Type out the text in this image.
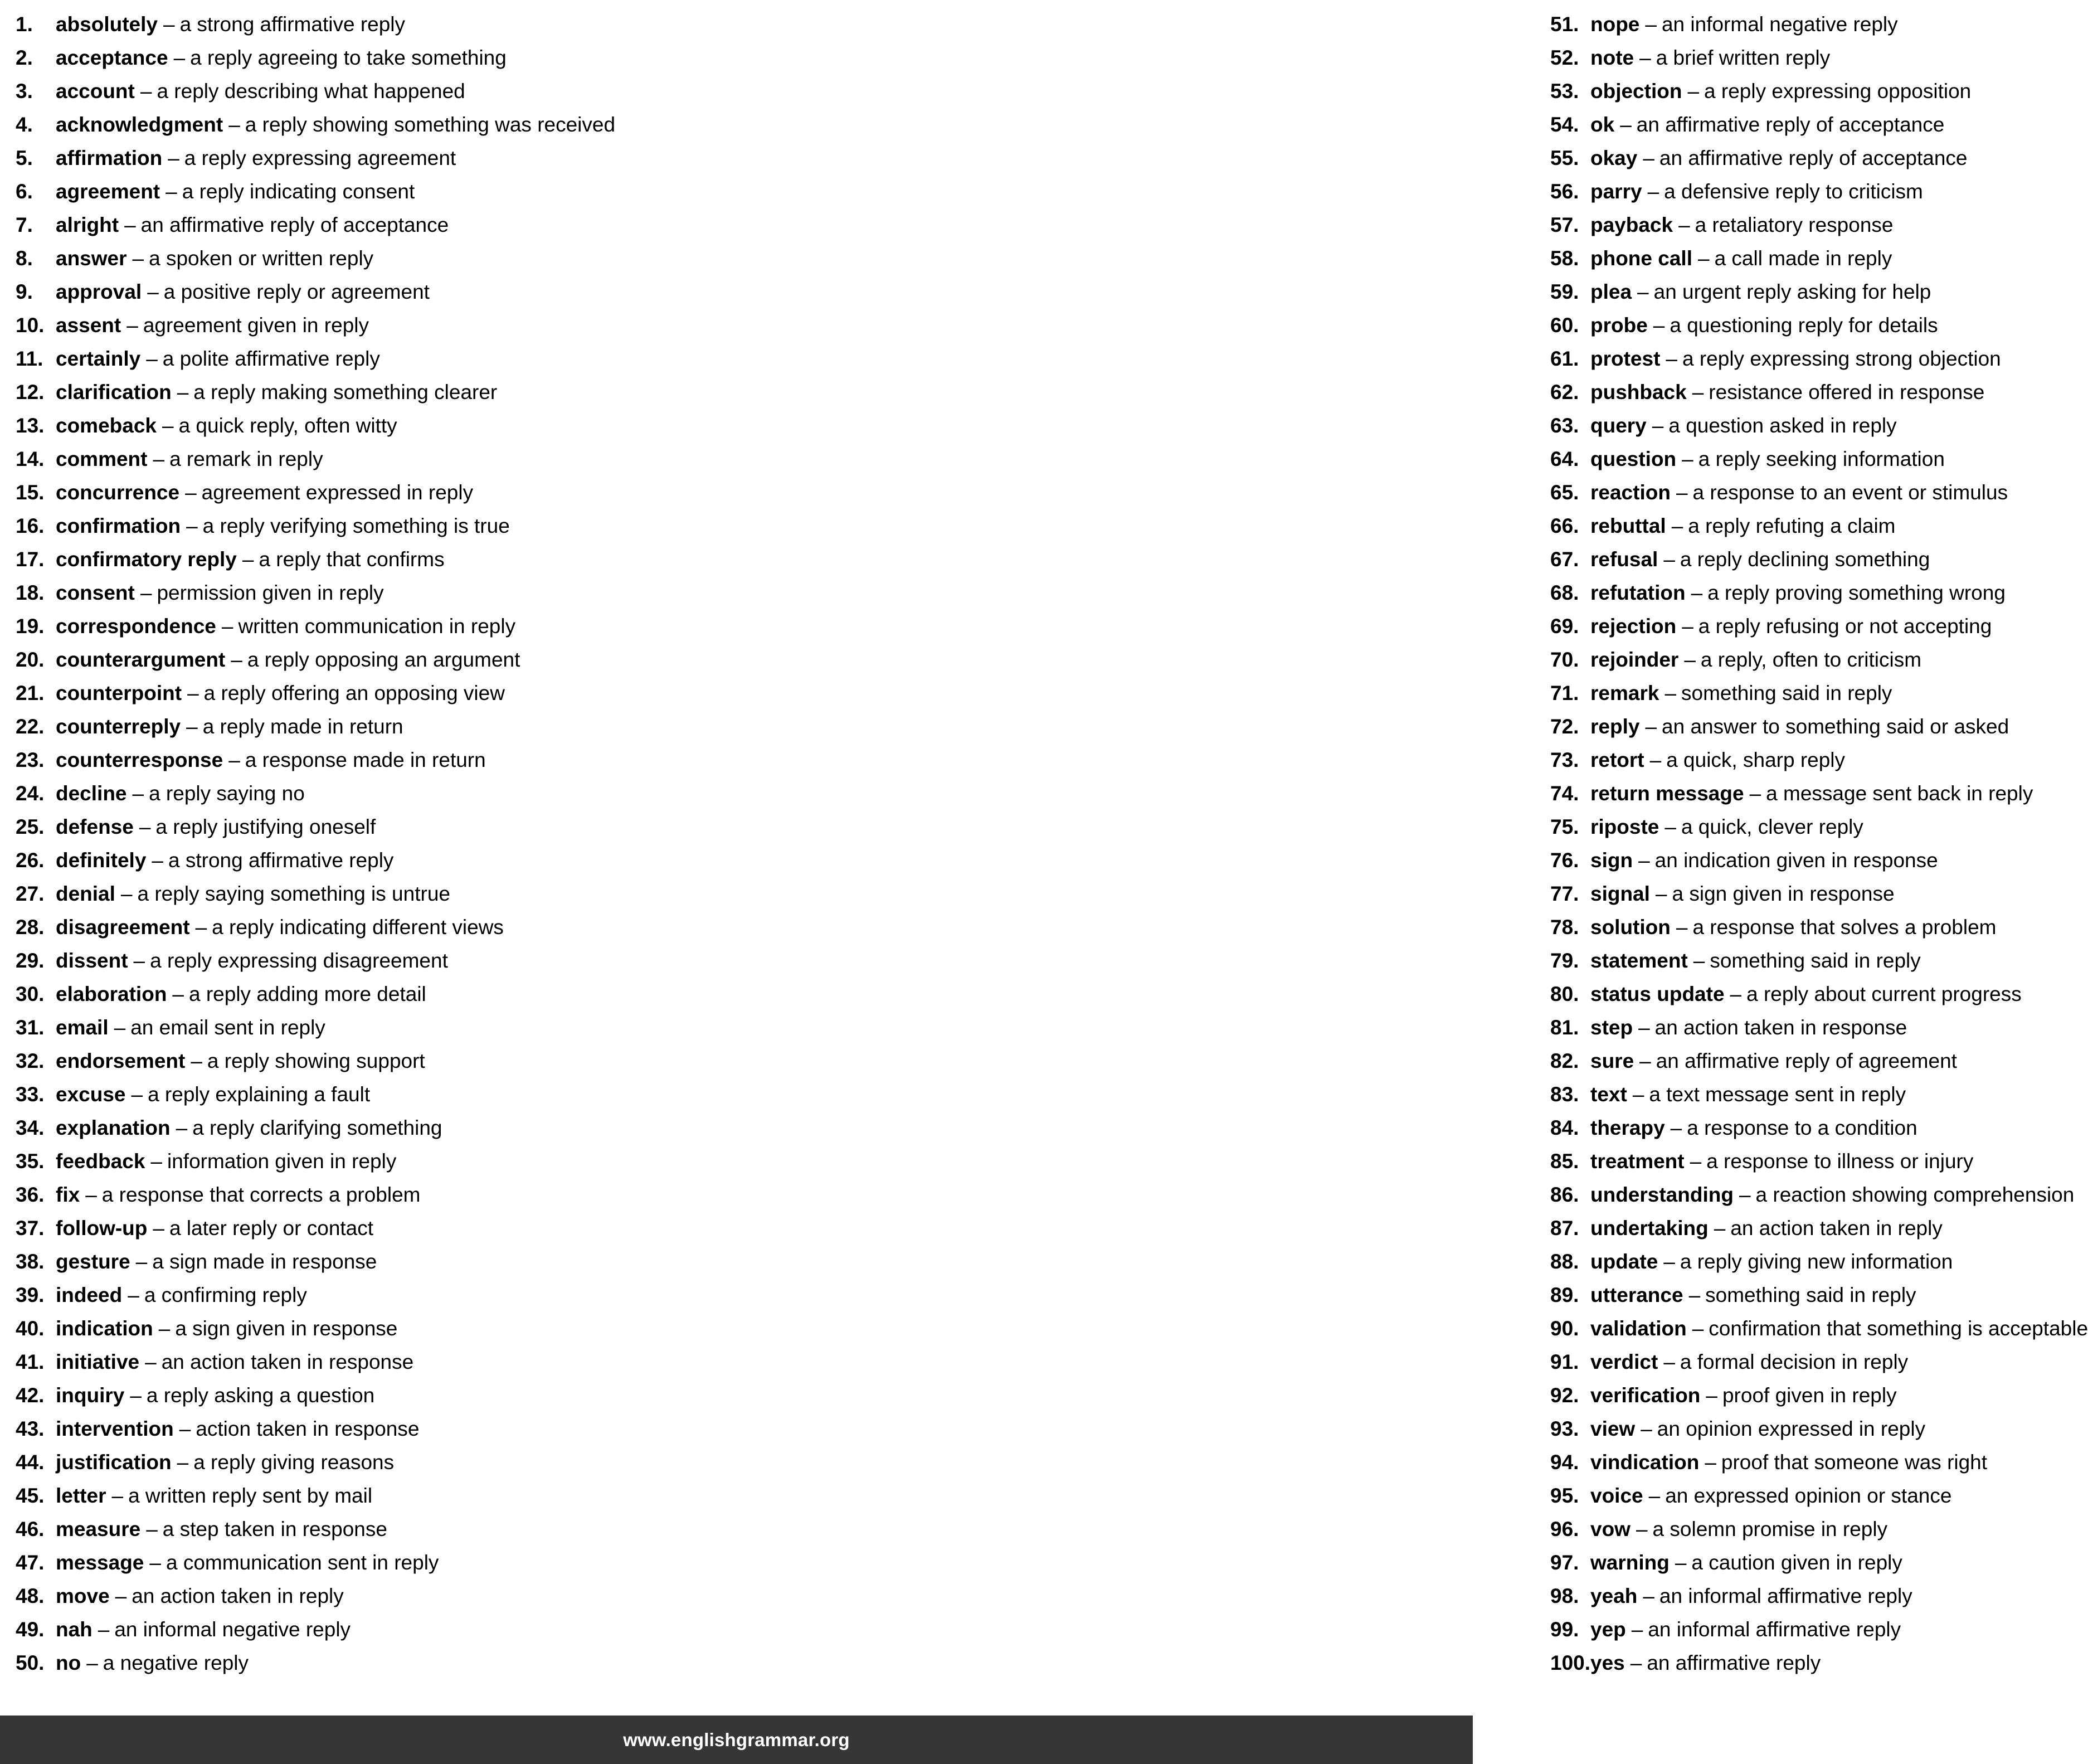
1.	absolutely – a strong affirmative reply
2.	acceptance – a reply agreeing to take something
3.	account – a reply describing what happened
4.	acknowledgment – a reply showing something was received
5.	affirmation – a reply expressing agreement
6.	agreement – a reply indicating consent
7.	alright – an affirmative reply of acceptance
8.	answer – a spoken or written reply
9.	approval – a positive reply or agreement
10. assent – agreement given in reply
11. certainly – a polite affirmative reply
12. clarification – a reply making something clearer
13. comeback – a quick reply, often witty
14. comment – a remark in reply
15. concurrence – agreement expressed in reply
16. confirmation – a reply verifying something is true
17. confirmatory reply – a reply that confirms
18. consent – permission given in reply
19. correspondence – written communication in reply
20. counterargument – a reply opposing an argument
21. counterpoint – a reply offering an opposing view
22. counterreply – a reply made in return
23. counterresponse – a response made in return
24. decline – a reply saying no
25. defense – a reply justifying oneself
26. definitely – a strong affirmative reply
27. denial – a reply saying something is untrue
28. disagreement – a reply indicating different views
29. dissent – a reply expressing disagreement
30. elaboration – a reply adding more detail
31. email – an email sent in reply
32. endorsement – a reply showing support
33. excuse – a reply explaining a fault
34. explanation – a reply clarifying something
35. feedback – information given in reply
36. fix – a response that corrects a problem
37. follow-up – a later reply or contact
38. gesture – a sign made in response
39. indeed – a confirming reply
40. indication – a sign given in response
41. initiative – an action taken in response
42. inquiry – a reply asking a question
43. intervention – action taken in response
44. justification – a reply giving reasons
45. letter – a written reply sent by mail
46. measure – a step taken in response
47. message – a communication sent in reply
48. move – an action taken in reply
49. nah – an informal negative reply
50. no – a negative reply
51. nope – an informal negative reply
52. note – a brief written reply
53. objection – a reply expressing opposition
54. ok – an affirmative reply of acceptance
55. okay – an affirmative reply of acceptance
56. parry – a defensive reply to criticism
57. payback – a retaliatory response
58. phone call – a call made in reply
59. plea – an urgent reply asking for help
60. probe – a questioning reply for details
61. protest – a reply expressing strong objection
62. pushback – resistance offered in response
63. query – a question asked in reply
64. question – a reply seeking information
65. reaction – a response to an event or stimulus
66. rebuttal – a reply refuting a claim
67. refusal – a reply declining something
68. refutation – a reply proving something wrong
69. rejection – a reply refusing or not accepting
70. rejoinder – a reply, often to criticism
71. remark – something said in reply
72. reply – an answer to something said or asked
73. retort – a quick, sharp reply
74. return message – a message sent back in reply
75. riposte – a quick, clever reply
76. sign – an indication given in response
77. signal – a sign given in response
78. solution – a response that solves a problem
79. statement – something said in reply
80. status update – a reply about current progress
81. step – an action taken in response
82. sure – an affirmative reply of agreement
83. text – a text message sent in reply
84. therapy – a response to a condition
85. treatment – a response to illness or injury
86. understanding – a reaction showing comprehension
87. undertaking – an action taken in reply
88. update – a reply giving new information
89. utterance – something said in reply
90. validation – confirmation that something is acceptable
91. verdict – a formal decision in reply
92. verification – proof given in reply
93. view – an opinion expressed in reply
94. vindication – proof that someone was right
95. voice – an expressed opinion or stance
96. vow – a solemn promise in reply
97. warning – a caution given in reply
98. yeah – an informal affirmative reply
99. yep – an informal affirmative reply
100. yes – an affirmative reply
www.englishgrammar.org
